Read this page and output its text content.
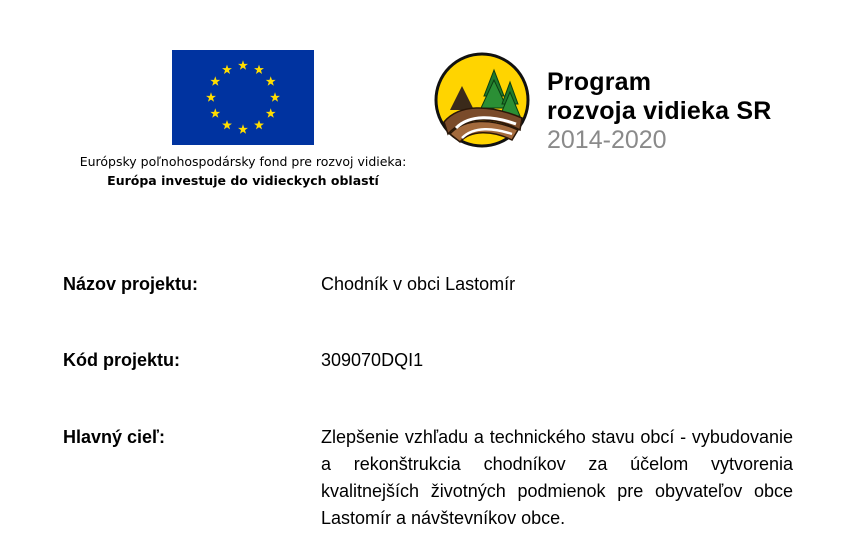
Európsky poľnohospodársky fond pre rozvoj vidieka:
Európa investuje do vidieckych oblastí
Program
rozvoja vidieka SR
2014-2020
Názov projektu:	Chodník v obci Lastomír
Kód projektu:	309070DQI1
Hlavný cieľ:	Zlepšenie vzhľadu a technického stavu obcí - vybudovanie a rekonštrukcia chodníkov za účelom vytvorenia kvalitnejších životných podmienok pre obyvateľov obce Lastomír a návštevníkov obce.
